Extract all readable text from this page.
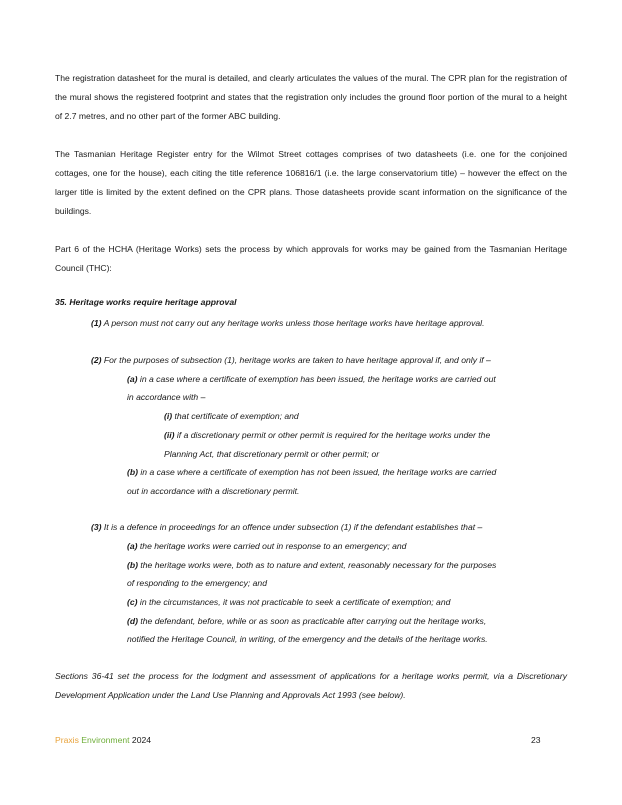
The registration datasheet for the mural is detailed, and clearly articulates the values of the mural. The CPR plan for the registration of the mural shows the registered footprint and states that the registration only includes the ground floor portion of the mural to a height of 2.7 metres, and no other part of the former ABC building.

The Tasmanian Heritage Register entry for the Wilmot Street cottages comprises of two datasheets (i.e. one for the conjoined cottages, one for the house), each citing the title reference 106816/1 (i.e. the large conservatorium title) – however the effect on the larger title is limited by the extent defined on the CPR plans. Those datasheets provide scant information on the significance of the buildings.

Part 6 of the HCHA (Heritage Works) sets the process by which approvals for works may be gained from the Tasmanian Heritage Council (THC):

35. Heritage works require heritage approval

(1) A person must not carry out any heritage works unless those heritage works have heritage approval.

(2) For the purposes of subsection (1), heritage works are taken to have heritage approval if, and only if –

(a) in a case where a certificate of exemption has been issued, the heritage works are carried out

in accordance with –

(i) that certificate of exemption; and

(ii) if a discretionary permit or other permit is required for the heritage works under the

Planning Act, that discretionary permit or other permit; or

(b) in a case where a certificate of exemption has not been issued, the heritage works are carried

out in accordance with a discretionary permit.

(3) It is a defence in proceedings for an offence under subsection (1) if the defendant establishes that –

(a) the heritage works were carried out in response to an emergency; and

(b) the heritage works were, both as to nature and extent, reasonably necessary for the purposes

of responding to the emergency; and

(c) in the circumstances, it was not practicable to seek a certificate of exemption; and

(d) the defendant, before, while or as soon as practicable after carrying out the heritage works,

notified the Heritage Council, in writing, of the emergency and the details of the heritage works.

Sections 36-41 set the process for the lodgment and assessment of applications for a heritage works permit, via a Discretionary Development Application under the Land Use Planning and Approvals Act 1993 (see below).

Praxis Environment 2024	23
